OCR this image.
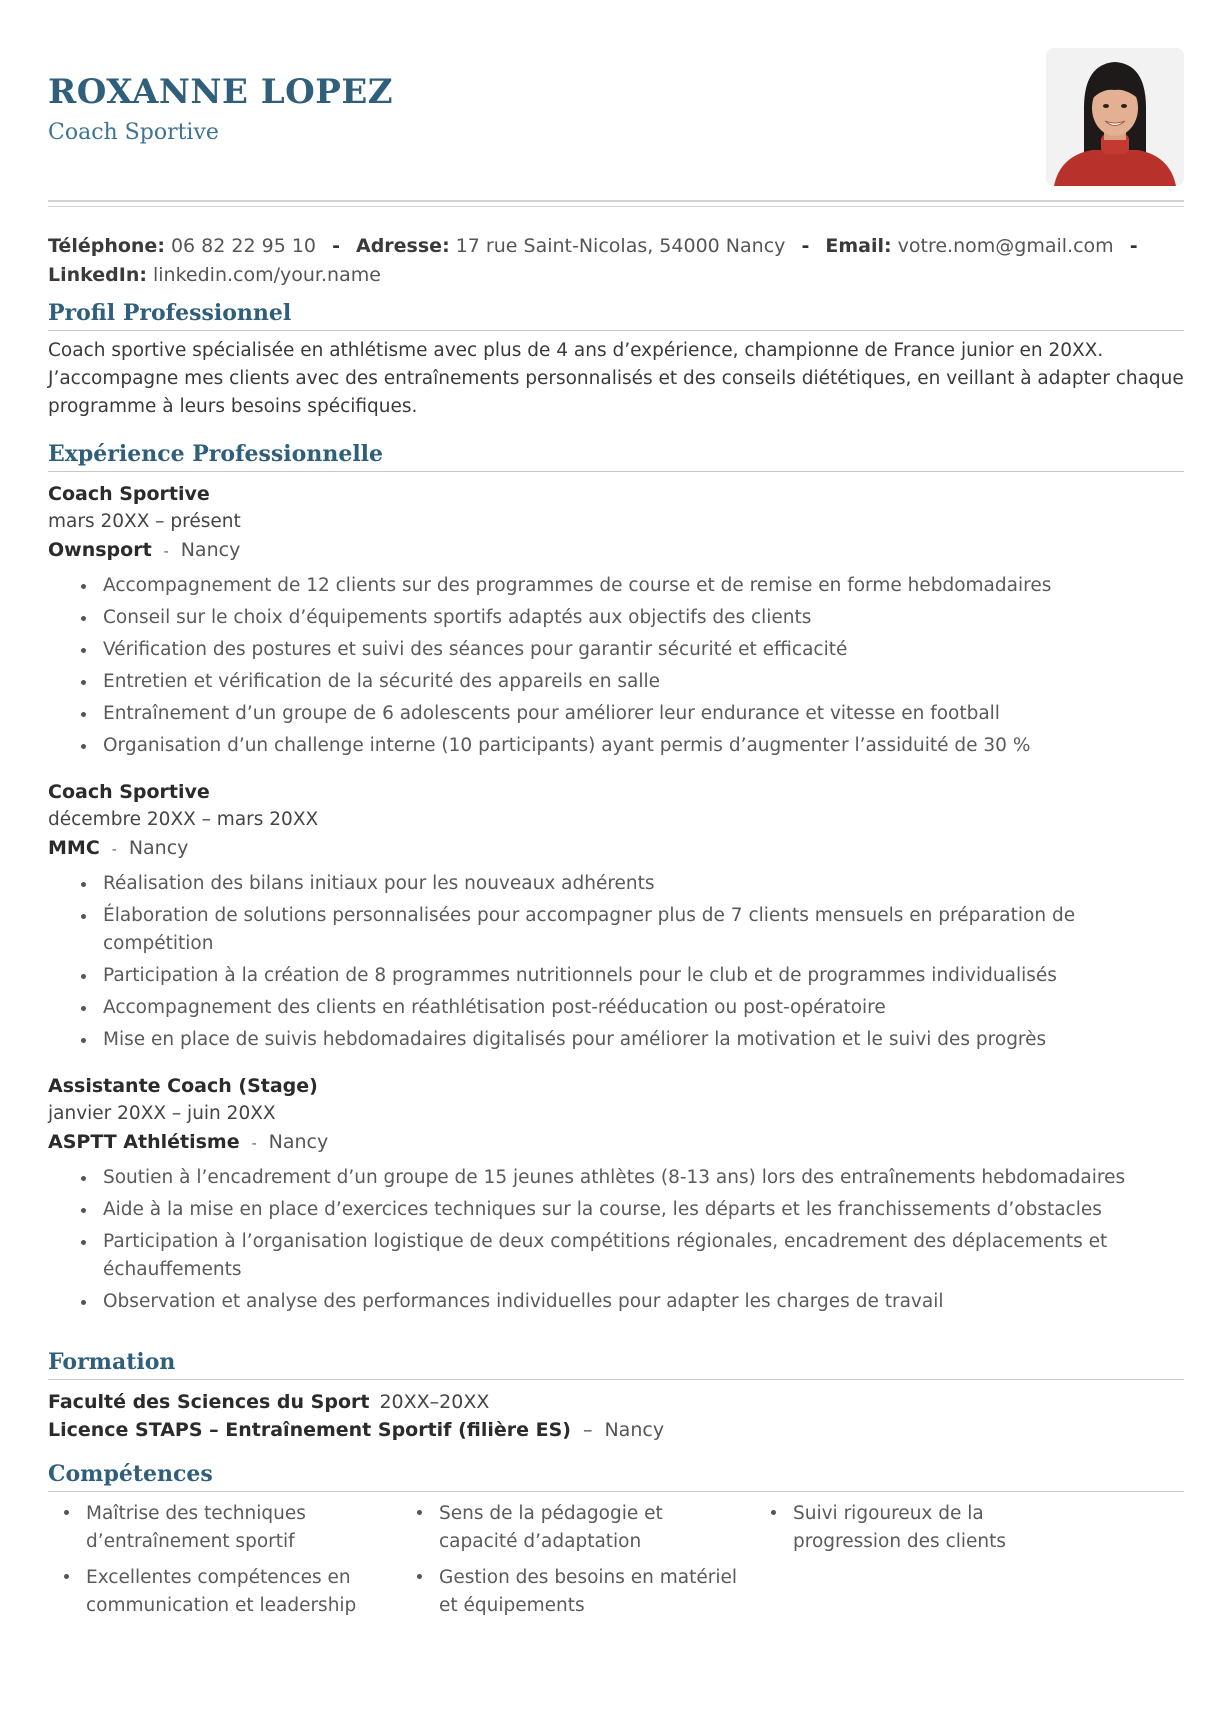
ROXANNE LOPEZ
Coach Sportive
Téléphone: 06 82 22 95 10 - Adresse: 17 rue Saint-Nicolas, 54000 Nancy - Email: votre.nom@gmail.com -
LinkedIn: linkedin.com/your.name
Profil Professionnel
Coach sportive spécialisée en athlétisme avec plus de 4 ans d’expérience, championne de France junior en 20XX. J’accompagne mes clients avec des entraînements personnalisés et des conseils diététiques, en veillant à adapter chaque programme à leurs besoins spécifiques.
Expérience Professionnelle
Coach Sportive
mars 20XX – présent
Ownsport - Nancy
Accompagnement de 12 clients sur des programmes de course et de remise en forme hebdomadaires
Conseil sur le choix d’équipements sportifs adaptés aux objectifs des clients
Vérification des postures et suivi des séances pour garantir sécurité et efficacité
Entretien et vérification de la sécurité des appareils en salle
Entraînement d’un groupe de 6 adolescents pour améliorer leur endurance et vitesse en football
Organisation d’un challenge interne (10 participants) ayant permis d’augmenter l’assiduité de 30 %
Coach Sportive
décembre 20XX – mars 20XX
MMC - Nancy
Réalisation des bilans initiaux pour les nouveaux adhérents
Élaboration de solutions personnalisées pour accompagner plus de 7 clients mensuels en préparation de compétition
Participation à la création de 8 programmes nutritionnels pour le club et de programmes individualisés
Accompagnement des clients en réathlétisation post-rééducation ou post-opératoire
Mise en place de suivis hebdomadaires digitalisés pour améliorer la motivation et le suivi des progrès
Assistante Coach (Stage)
janvier 20XX – juin 20XX
ASPTT Athlétisme - Nancy
Soutien à l’encadrement d’un groupe de 15 jeunes athlètes (8-13 ans) lors des entraînements hebdomadaires
Aide à la mise en place d’exercices techniques sur la course, les départs et les franchissements d’obstacles
Participation à l’organisation logistique de deux compétitions régionales, encadrement des déplacements et échauffements
Observation et analyse des performances individuelles pour adapter les charges de travail
Formation
Faculté des Sciences du Sport 20XX–20XX
Licence STAPS – Entraînement Sportif (filière ES) – Nancy
Compétences
Maîtrise des techniques d’entraînement sportif
Sens de la pédagogie et capacité d’adaptation
Suivi rigoureux de la progression des clients
Excellentes compétences en communication et leadership
Gestion des besoins en matériel et équipements
